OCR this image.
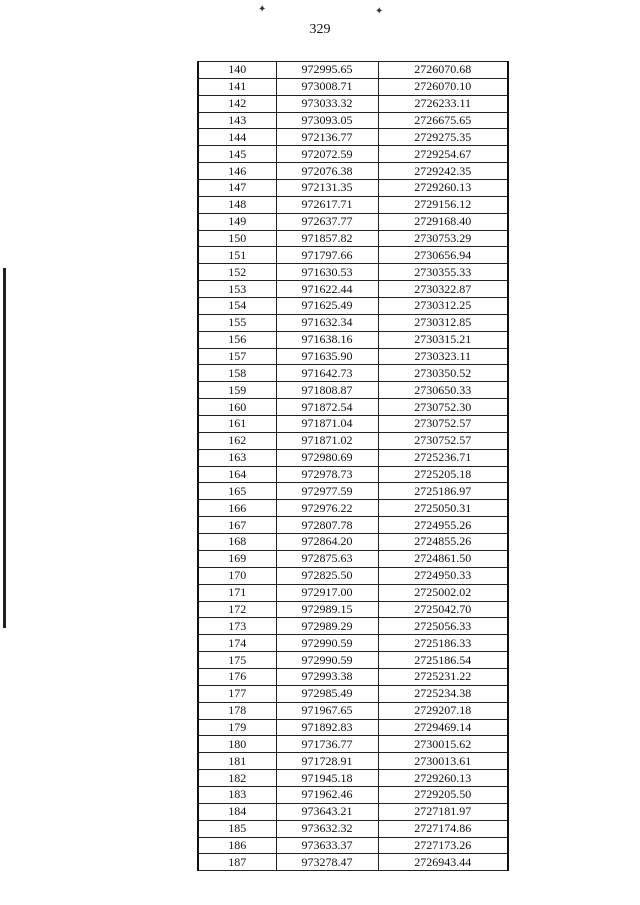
329
✦	✦
140	972995.65	2726070.68
141	973008.71	2726070.10
142	973033.32	2726233.11
143	973093.05	2726675.65
144	972136.77	2729275.35
145	972072.59	2729254.67
146	972076.38	2729242.35
147	972131.35	2729260.13
148	972617.71	2729156.12
149	972637.77	2729168.40
150	971857.82	2730753.29
151	971797.66	2730656.94
152	971630.53	2730355.33
153	971622.44	2730322.87
154	971625.49	2730312.25
155	971632.34	2730312.85
156	971638.16	2730315.21
157	971635.90	2730323.11
158	971642.73	2730350.52
159	971808.87	2730650.33
160	971872.54	2730752.30
161	971871.04	2730752.57
162	971871.02	2730752.57
163	972980.69	2725236.71
164	972978.73	2725205.18
165	972977.59	2725186.97
166	972976.22	2725050.31
167	972807.78	2724955.26
168	972864.20	2724855.26
169	972875.63	2724861.50
170	972825.50	2724950.33
171	972917.00	2725002.02
172	972989.15	2725042.70
173	972989.29	2725056.33
174	972990.59	2725186.33
175	972990.59	2725186.54
176	972993.38	2725231.22
177	972985.49	2725234.38
178	971967.65	2729207.18
179	971892.83	2729469.14
180	971736.77	2730015.62
181	971728.91	2730013.61
182	971945.18	2729260.13
183	971962.46	2729205.50
184	973643.21	2727181.97
185	973632.32	2727174.86
186	973633.37	2727173.26
187	973278.47	2726943.44
